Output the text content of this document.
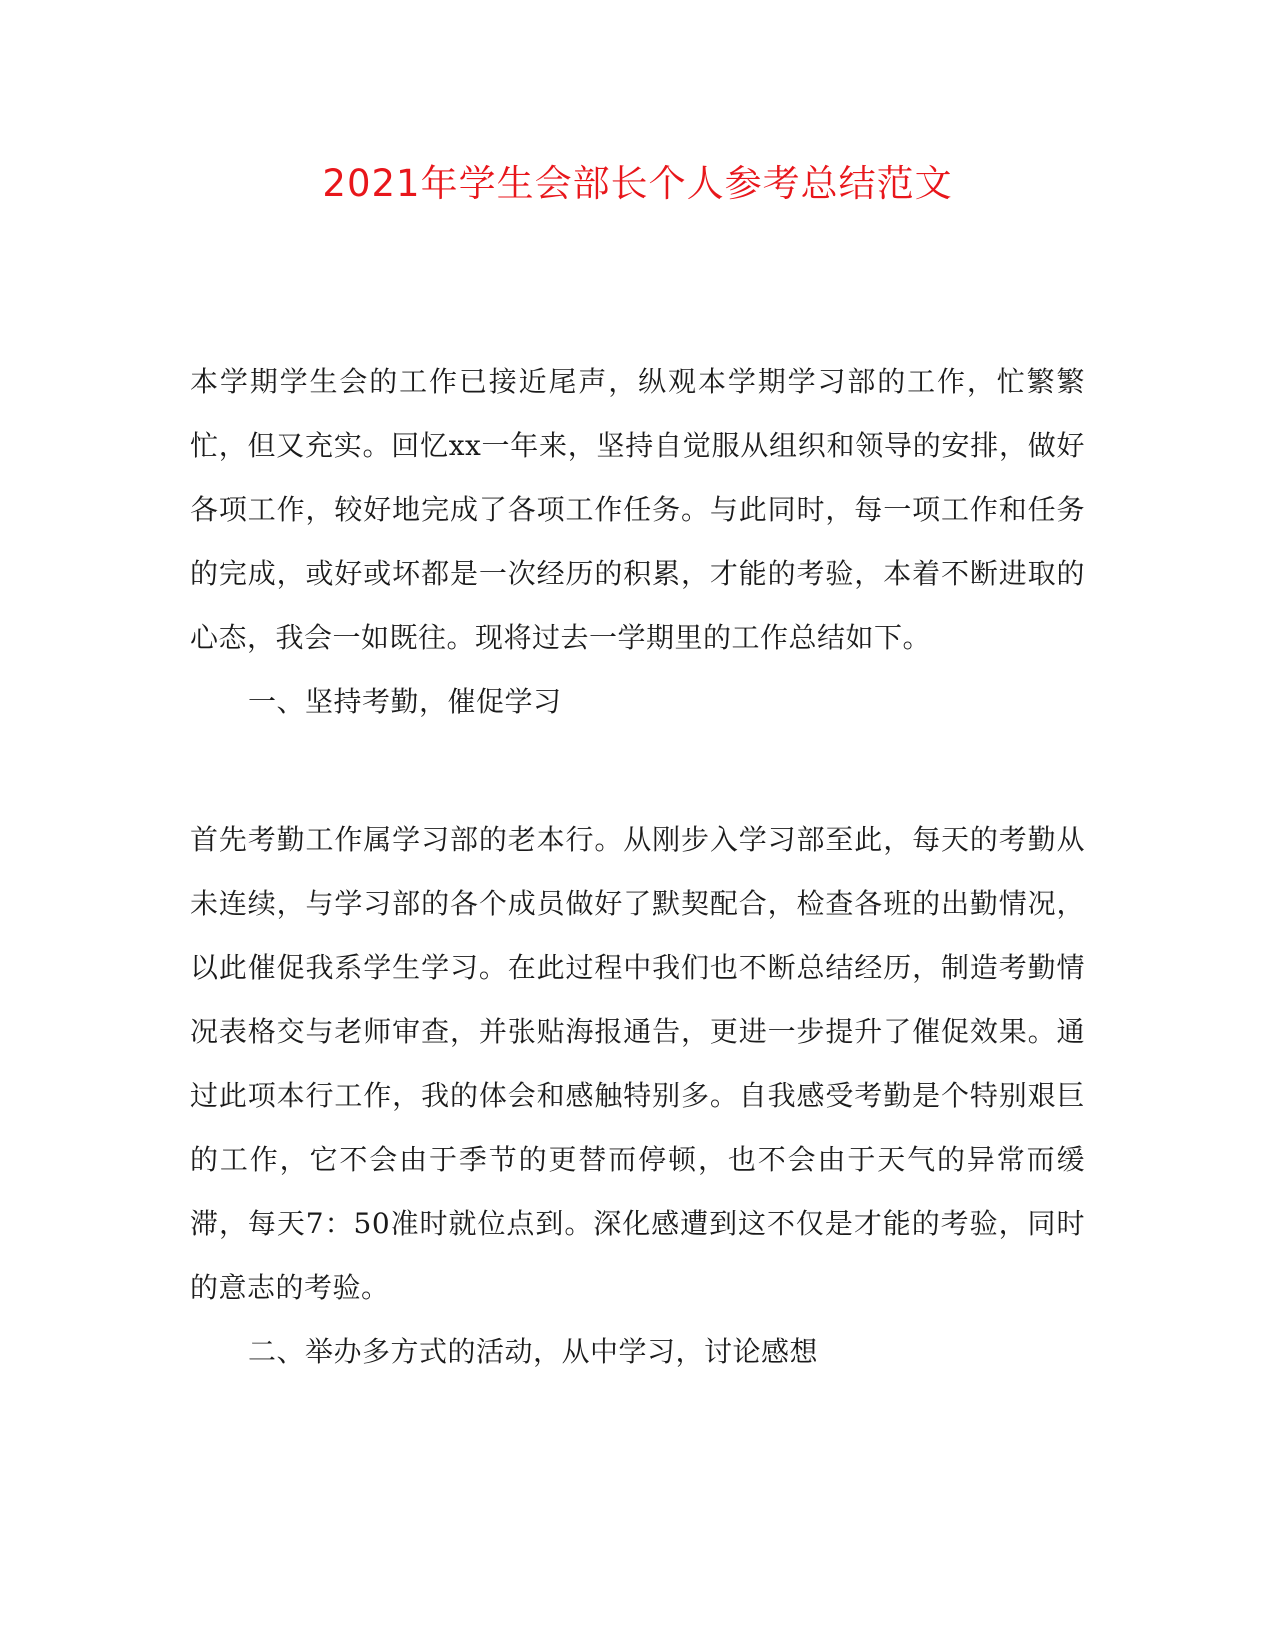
2021年学生会部长个人参考总结范文

本学期学生会的工作已接近尾声，纵观本学期学习部的工作，忙繁繁忙，但又充实。回忆xx一年来，坚持自觉服从组织和领导的安排，做好各项工作，较好地完成了各项工作任务。与此同时，每一项工作和任务的完成，或好或坏都是一次经历的积累，才能的考验，本着不断进取的心态，我会一如既往。现将过去一学期里的工作总结如下。

一、坚持考勤，催促学习

首先考勤工作属学习部的老本行。从刚步入学习部至此，每天的考勤从未连续，与学习部的各个成员做好了默契配合，检查各班的出勤情况，以此催促我系学生学习。在此过程中我们也不断总结经历，制造考勤情况表格交与老师审查，并张贴海报通告，更进一步提升了催促效果。通过此项本行工作，我的体会和感触特别多。自我感受考勤是个特别艰巨的工作，它不会由于季节的更替而停顿，也不会由于天气的异常而缓滞，每天7：50准时就位点到。深化感遭到这不仅是才能的考验，同时的意志的考验。

二、举办多方式的活动，从中学习，讨论感想
